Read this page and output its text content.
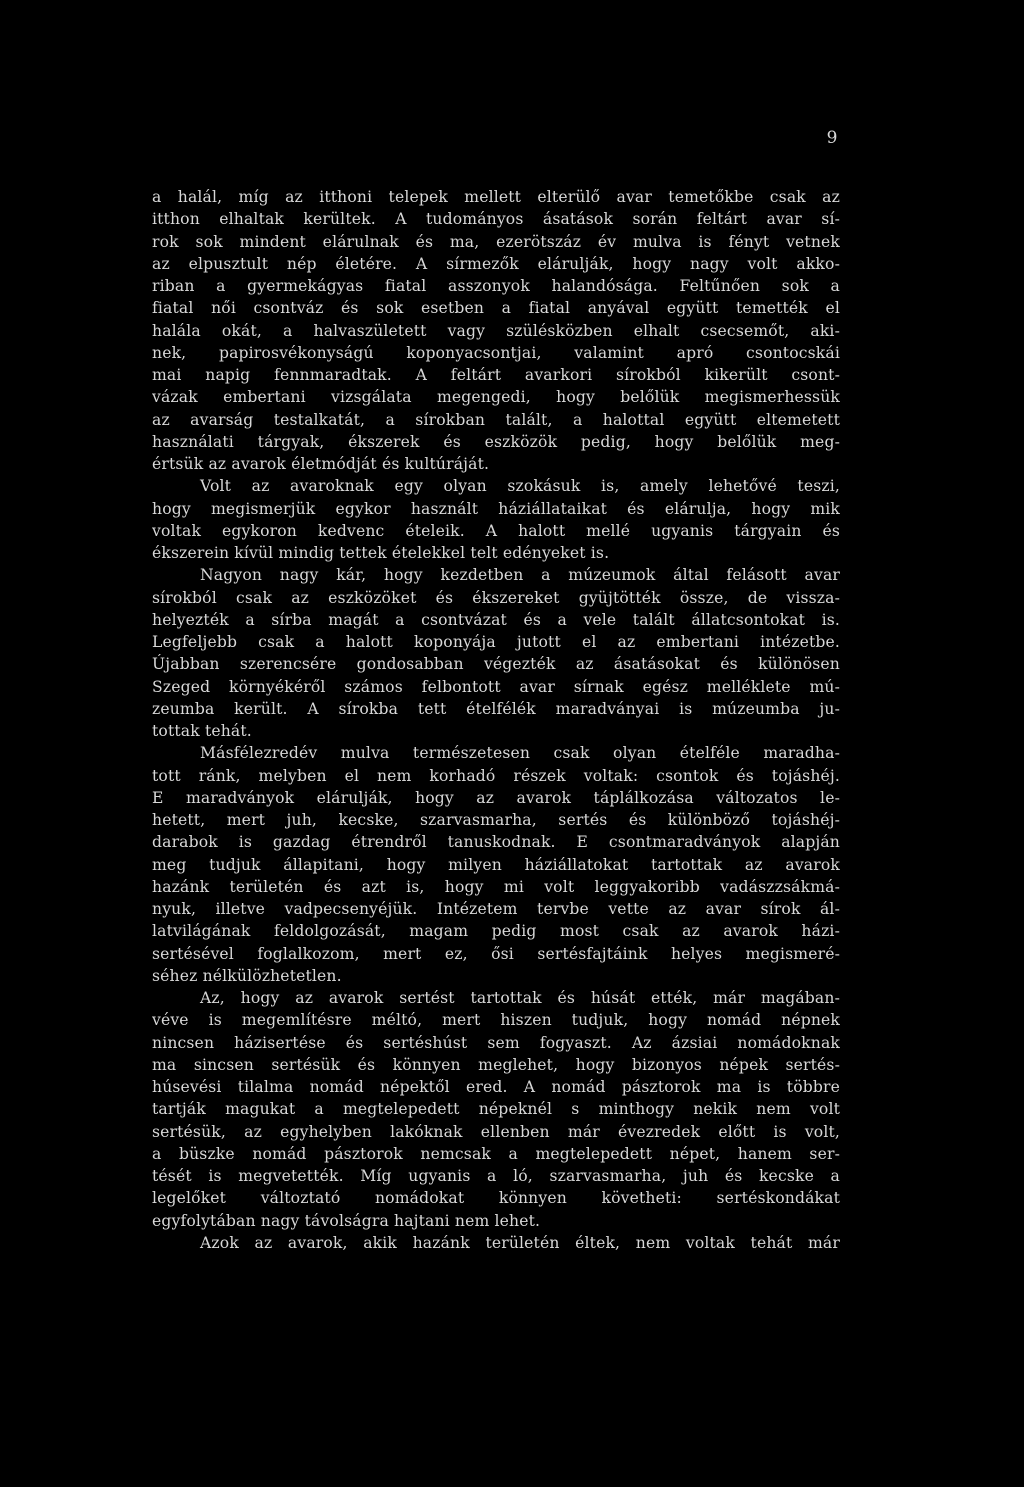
9
a halál, míg az itthoni telepek mellett elterülő avar temetőkbe csak az
itthon elhaltak kerültek. A tudományos ásatások során feltárt avar sí-
rok sok mindent elárulnak és ma, ezerötszáz év mulva is fényt vetnek
az elpusztult nép életére. A sírmezők elárulják, hogy nagy volt akko-
riban a gyermekágyas fiatal asszonyok halandósága. Feltűnően sok a
fiatal női csontváz és sok esetben a fiatal anyával együtt temették el
halála okát, a halvaszületett vagy szülésközben elhalt csecsemőt, aki-
nek, papirosvékonyságú koponyacsontjai, valamint apró csontocskái
mai napig fennmaradtak. A feltárt avarkori sírokból kikerült csont-
vázak embertani vizsgálata megengedi, hogy belőlük megismerhessük
az avarság testalkatát, a sírokban talált, a halottal együtt eltemetett
használati tárgyak, ékszerek és eszközök pedig, hogy belőlük meg-
értsük az avarok életmódját és kultúráját.
Volt az avaroknak egy olyan szokásuk is, amely lehetővé teszi,
hogy megismerjük egykor használt háziállataikat és elárulja, hogy mik
voltak egykoron kedvenc ételeik. A halott mellé ugyanis tárgyain és
ékszerein kívül mindig tettek ételekkel telt edényeket is.
Nagyon nagy kár, hogy kezdetben a múzeumok által felásott avar
sírokból csak az eszközöket és ékszereket gyüjtötték össze, de vissza-
helyezték a sírba magát a csontvázat és a vele talált állatcsontokat is.
Legfeljebb csak a halott koponyája jutott el az embertani intézetbe.
Újabban szerencsére gondosabban végezték az ásatásokat és különösen
Szeged környékéről számos felbontott avar sírnak egész melléklete mú-
zeumba került. A sírokba tett ételfélék maradványai is múzeumba ju-
tottak tehát.
Másfélezredév mulva természetesen csak olyan ételféle maradha-
tott ránk, melyben el nem korhadó részek voltak: csontok és tojáshéj.
E maradványok elárulják, hogy az avarok táplálkozása változatos le-
hetett, mert juh, kecske, szarvasmarha, sertés és különböző tojáshéj-
darabok is gazdag étrendről tanuskodnak. E csontmaradványok alapján
meg tudjuk állapitani, hogy milyen háziállatokat tartottak az avarok
hazánk területén és azt is, hogy mi volt leggyakoribb vadászzsákmá-
nyuk, illetve vadpecsenyéjük. Intézetem tervbe vette az avar sírok ál-
latvilágának feldolgozását, magam pedig most csak az avarok házi-
sertésével foglalkozom, mert ez, ősi sertésfajtáink helyes megismeré-
séhez nélkülözhetetlen.
Az, hogy az avarok sertést tartottak és húsát ették, már magában-
véve is megemlítésre méltó, mert hiszen tudjuk, hogy nomád népnek
nincsen házisertése és sertéshúst sem fogyaszt. Az ázsiai nomádoknak
ma sincsen sertésük és könnyen meglehet, hogy bizonyos népek sertés-
húsevési tilalma nomád népektől ered. A nomád pásztorok ma is többre
tartják magukat a megtelepedett népeknél s minthogy nekik nem volt
sertésük, az egyhelyben lakóknak ellenben már évezredek előtt is volt,
a büszke nomád pásztorok nemcsak a megtelepedett népet, hanem ser-
tését is megvetették. Míg ugyanis a ló, szarvasmarha, juh és kecske a
legelőket változtató nomádokat könnyen követheti: sertéskondákat
egyfolytában nagy távolságra hajtani nem lehet.
Azok az avarok, akik hazánk területén éltek, nem voltak tehát már
